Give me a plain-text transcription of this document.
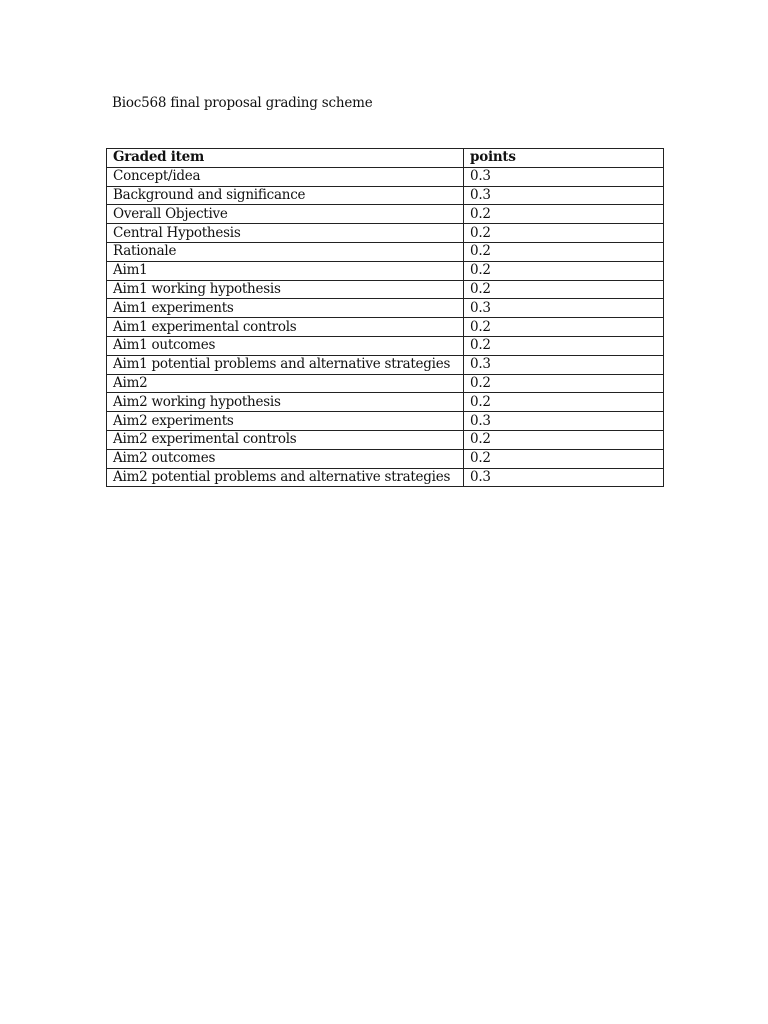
Bioc568 final proposal grading scheme
Graded item	points
Concept/idea	0.3
Background and significance	0.3
Overall Objective	0.2
Central Hypothesis	0.2
Rationale	0.2
Aim1	0.2
Aim1 working hypothesis	0.2
Aim1 experiments	0.3
Aim1 experimental controls	0.2
Aim1 outcomes	0.2
Aim1 potential problems and alternative strategies	0.3
Aim2	0.2
Aim2 working hypothesis	0.2
Aim2 experiments	0.3
Aim2 experimental controls	0.2
Aim2 outcomes	0.2
Aim2 potential problems and alternative strategies	0.3
